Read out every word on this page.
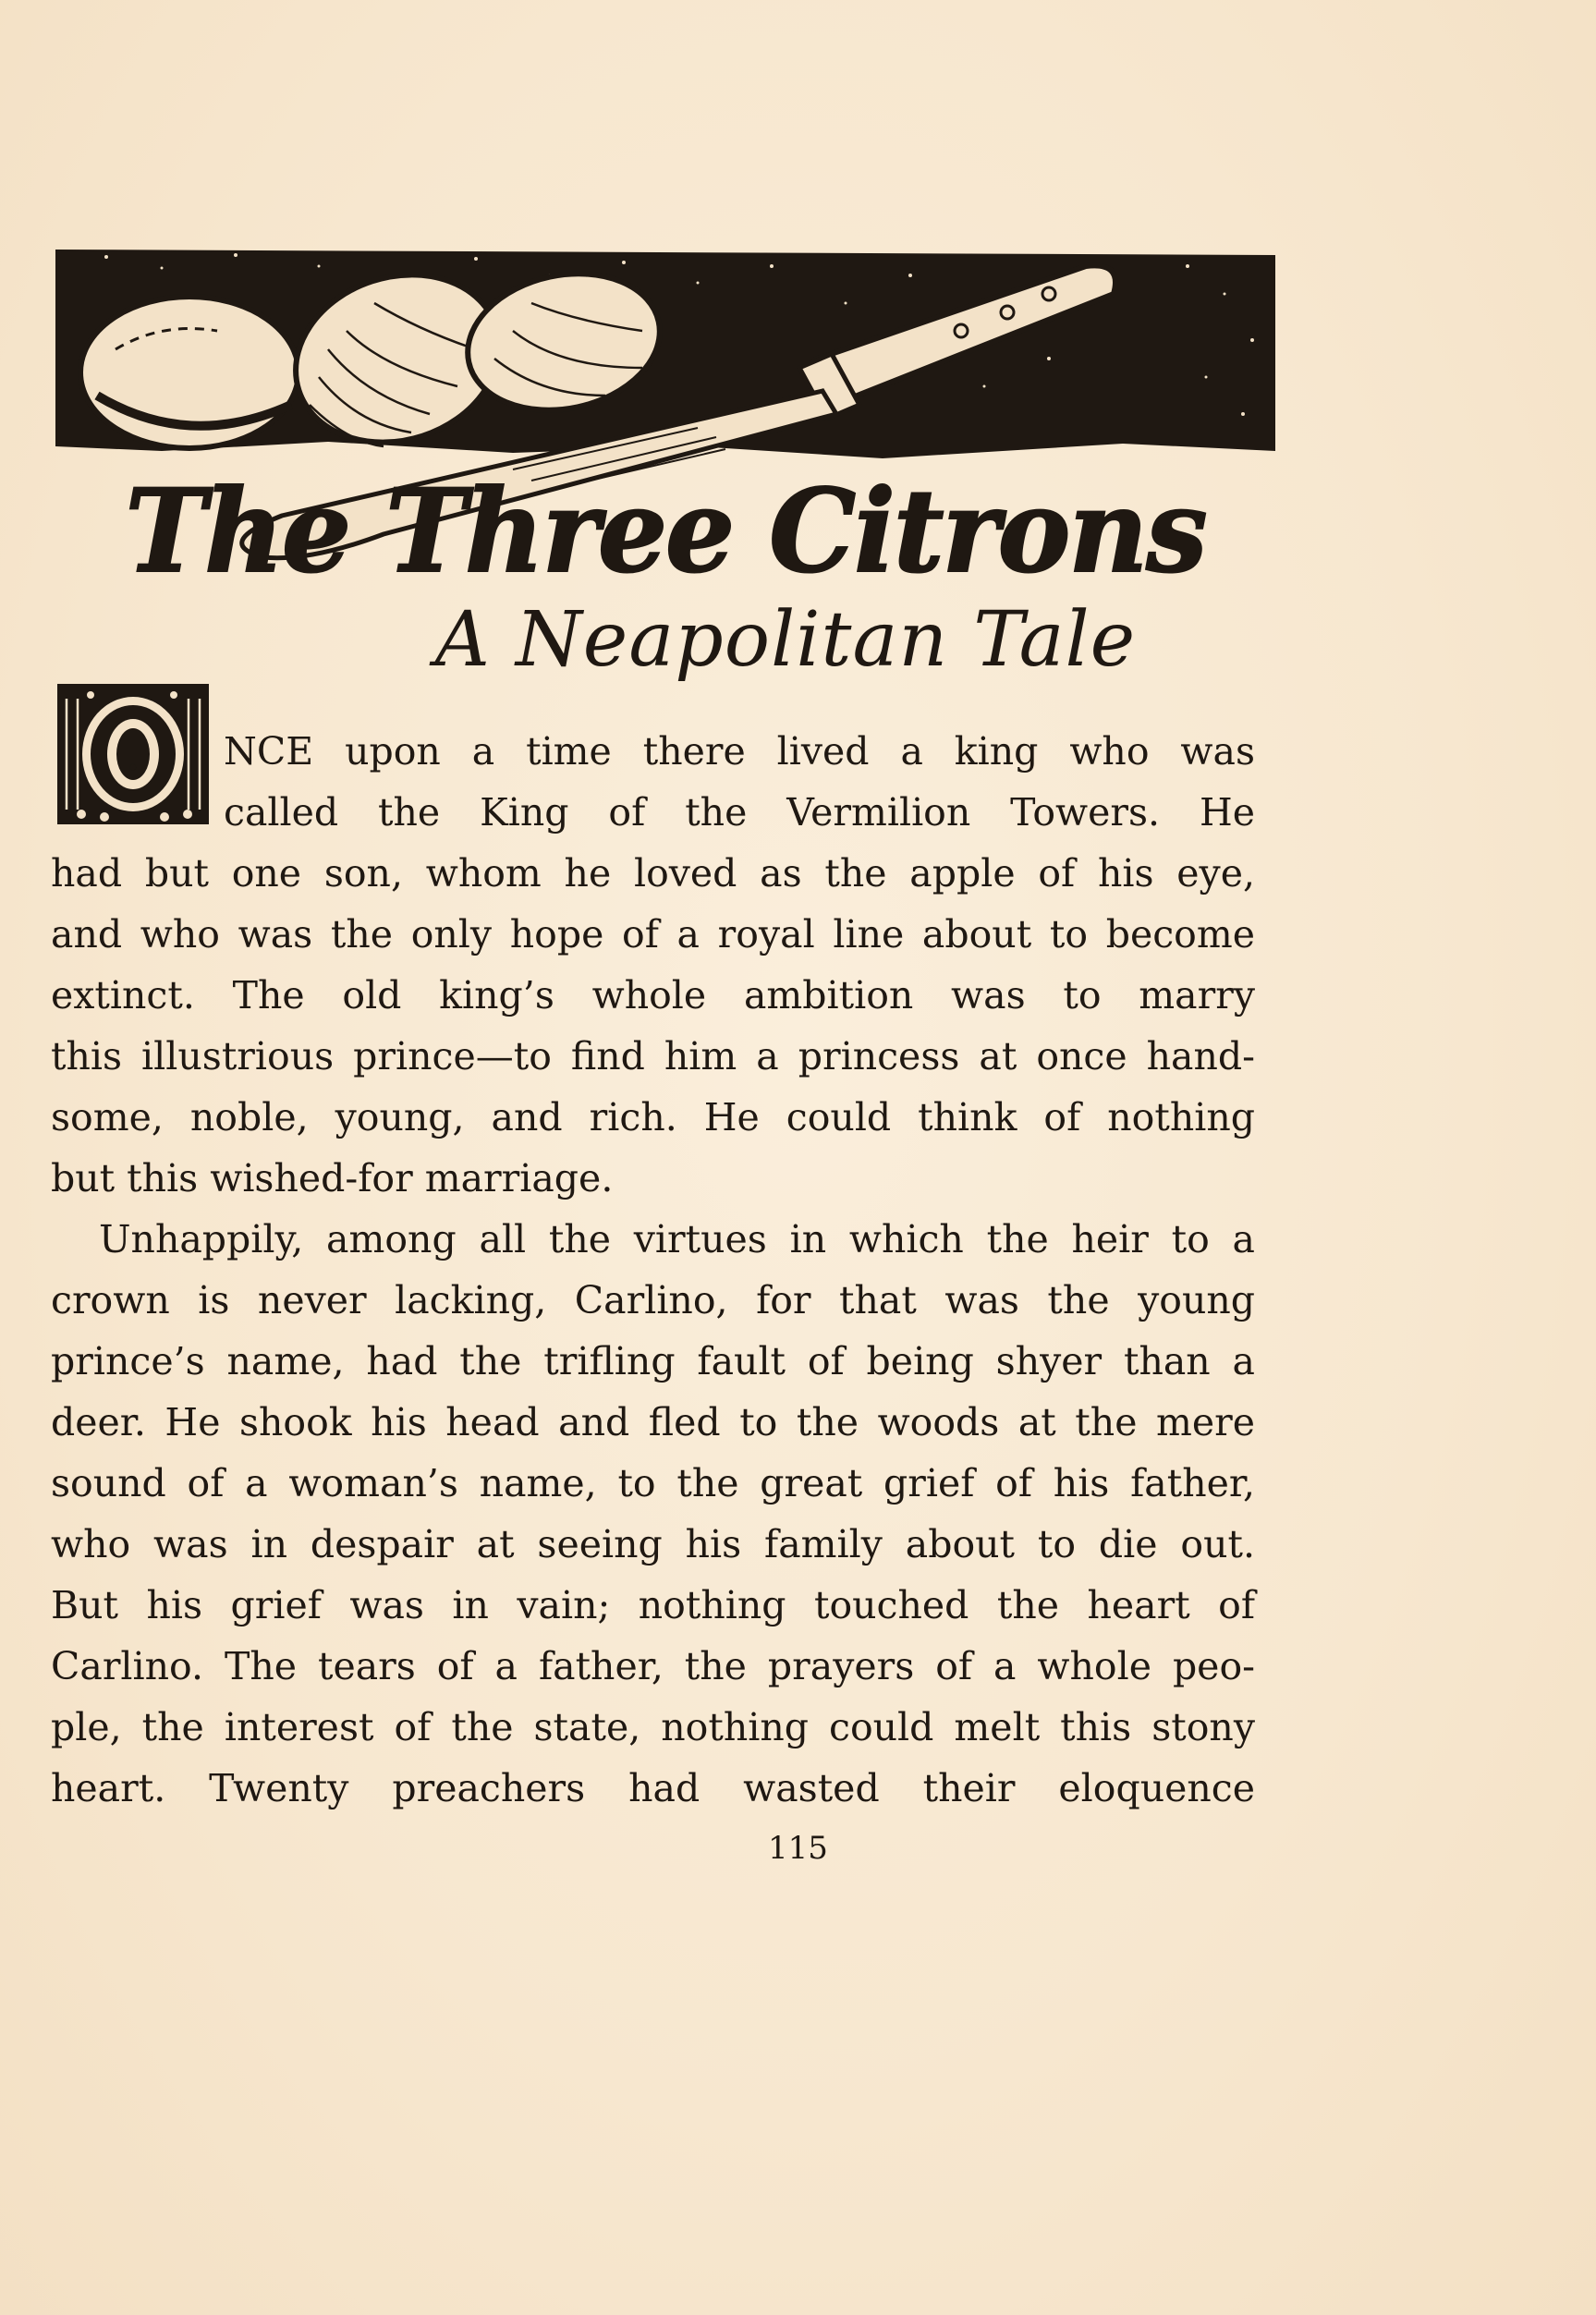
The Three Citrons
A Neapolitan Tale
O	NCE upon a time there lived a king who was
called the King of the Vermilion Towers. He
had but one son, whom he loved as the apple of his eye,
and who was the only hope of a royal line about to become
extinct. The old king’s whole ambition was to marry
this illustrious prince—to find him a princess at once hand-
some, noble, young, and rich. He could think of nothing
but this wished-for marriage.
Unhappily, among all the virtues in which the heir to a
crown is never lacking, Carlino, for that was the young
prince’s name, had the trifling fault of being shyer than a
deer. He shook his head and fled to the woods at the mere
sound of a woman’s name, to the great grief of his father,
who was in despair at seeing his family about to die out.
But his grief was in vain; nothing touched the heart of
Carlino. The tears of a father, the prayers of a whole peo-
ple, the interest of the state, nothing could melt this stony
heart. Twenty preachers had wasted their eloquence
115
